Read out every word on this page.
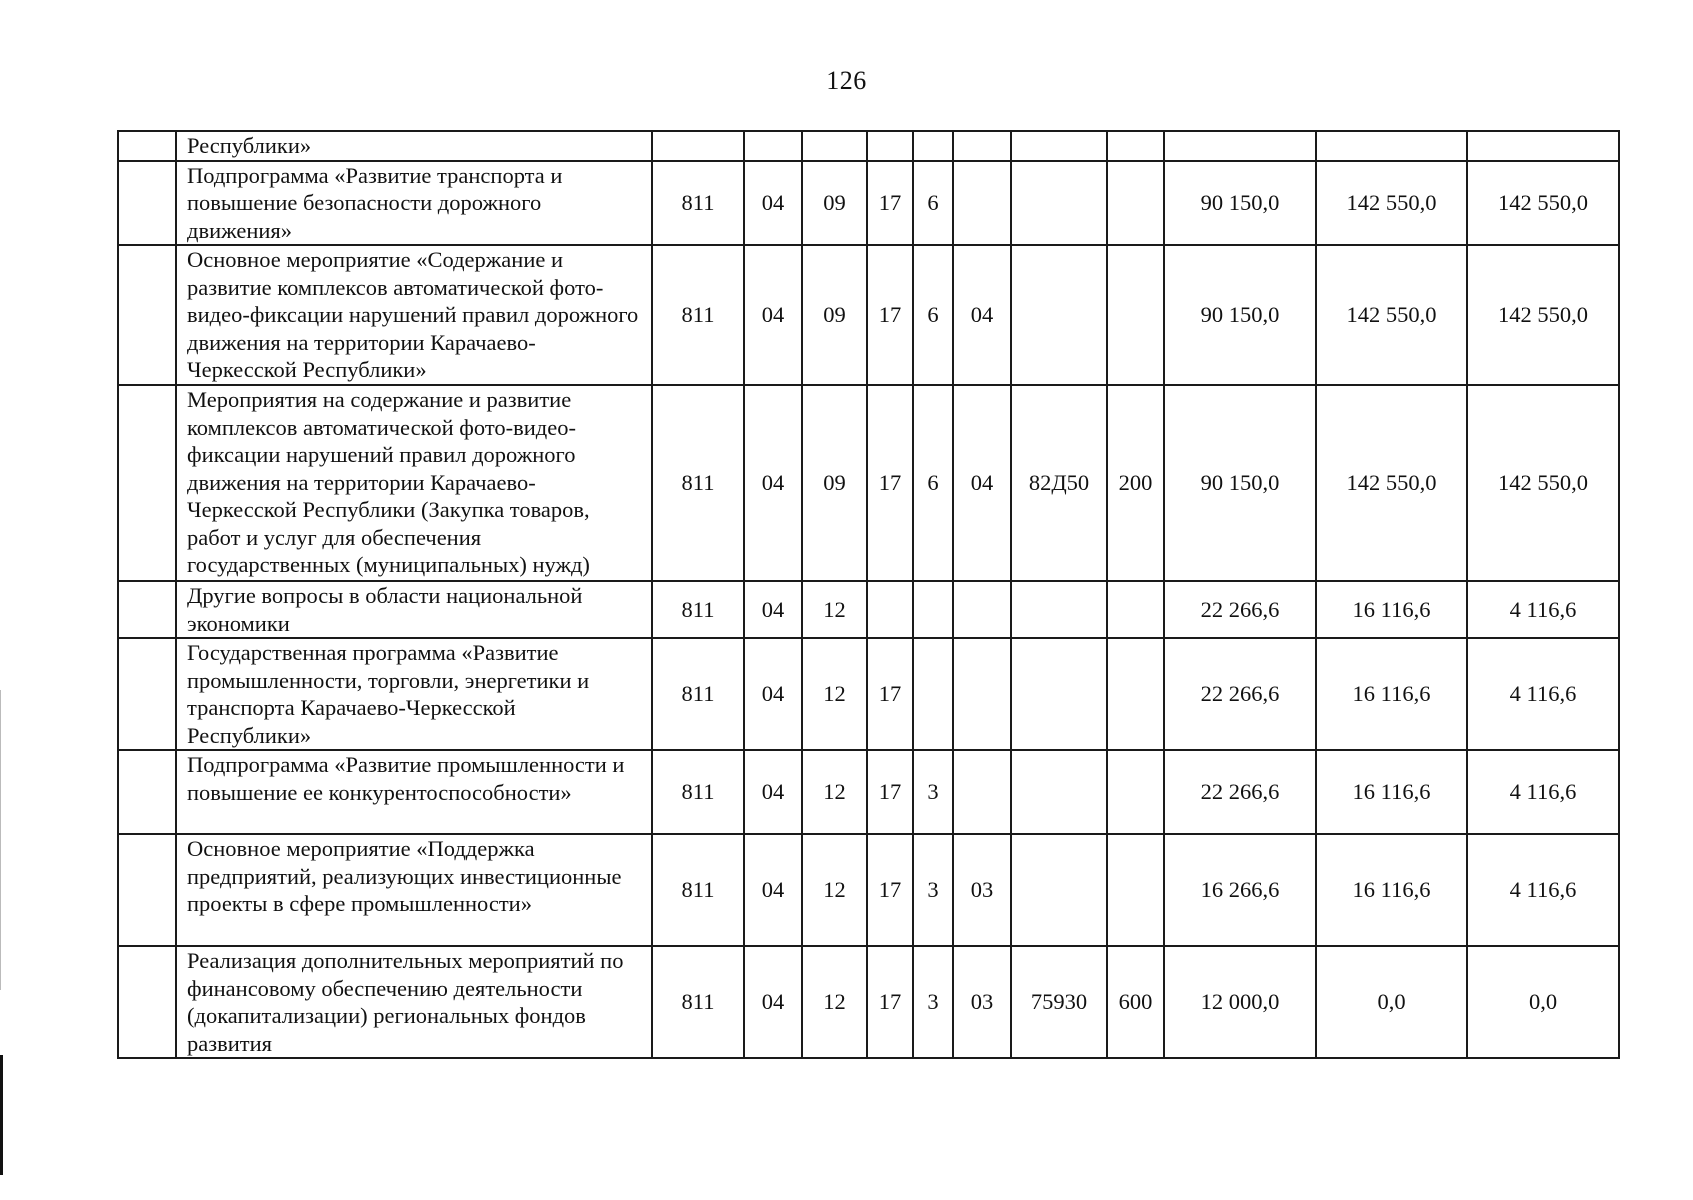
126
	Республики»											
	Подпрограмма «Развитие транспорта и повышение безопасности дорожного движения»	811	04	09	17	6				90 150,0	142 550,0	142 550,0
	Основное мероприятие «Содержание и развитие комплексов автоматической фото-видео-фиксации нарушений правил дорожного движения на территории Карачаево-Черкесской Республики»	811	04	09	17	6	04			90 150,0	142 550,0	142 550,0
	Мероприятия на содержание и развитие комплексов автоматической фото-видео-фиксации нарушений правил дорожного движения на территории Карачаево-Черкесской Республики (Закупка товаров, работ и услуг для обеспечения государственных (муниципальных) нужд)	811	04	09	17	6	04	82Д50	200	90 150,0	142 550,0	142 550,0
	Другие вопросы в области национальной экономики	811	04	12						22 266,6	16 116,6	4 116,6
	Государственная программа «Развитие промышленности, торговли, энергетики и транспорта Карачаево-Черкесской Республики»	811	04	12	17					22 266,6	16 116,6	4 116,6
	Подпрограмма «Развитие промышленности и повышение ее конкурентоспособности»	811	04	12	17	3				22 266,6	16 116,6	4 116,6
	Основное мероприятие «Поддержка предприятий, реализующих инвестиционные проекты в сфере промышленности»	811	04	12	17	3	03			16 266,6	16 116,6	4 116,6
	Реализация дополнительных мероприятий по финансовому обеспечению деятельности (докапитализации) региональных фондов развития	811	04	12	17	3	03	75930	600	12 000,0	0,0	0,0
